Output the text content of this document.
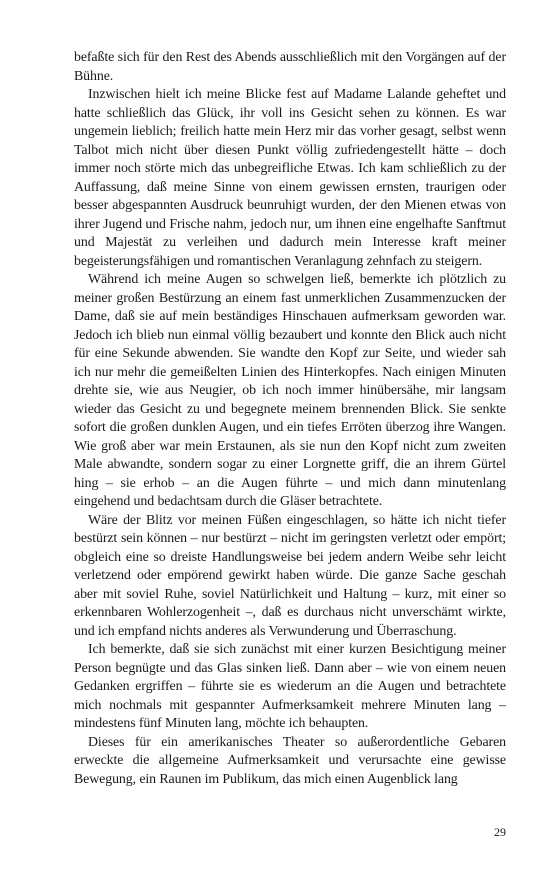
befaßte sich für den Rest des Abends ausschließlich mit den Vorgängen auf der Bühne.

Inzwischen hielt ich meine Blicke fest auf Madame Lalande geheftet und hatte schließlich das Glück, ihr voll ins Gesicht sehen zu können. Es war ungemein lieblich; freilich hatte mein Herz mir das vorher gesagt, selbst wenn Talbot mich nicht über diesen Punkt völlig zufriedengestellt hätte – doch immer noch störte mich das unbegreifliche Etwas. Ich kam schließlich zu der Auffassung, daß meine Sinne von einem gewissen ernsten, traurigen oder besser abgespannten Ausdruck beunruhigt wurden, der den Mienen etwas von ihrer Jugend und Frische nahm, jedoch nur, um ihnen eine engelhafte Sanftmut und Majestät zu verleihen und dadurch mein Interesse kraft meiner begeisterungsfähigen und romantischen Veranlagung zehnfach zu steigern.

Während ich meine Augen so schwelgen ließ, bemerkte ich plötzlich zu meiner großen Bestürzung an einem fast unmerklichen Zusammenzucken der Dame, daß sie auf mein beständiges Hinschauen aufmerksam geworden war. Jedoch ich blieb nun einmal völlig bezaubert und konnte den Blick auch nicht für eine Sekunde abwenden. Sie wandte den Kopf zur Seite, und wieder sah ich nur mehr die gemeißelten Linien des Hinterkopfes. Nach einigen Minuten drehte sie, wie aus Neugier, ob ich noch immer hinübersähe, mir langsam wieder das Gesicht zu und begegnete meinem brennenden Blick. Sie senkte sofort die großen dunklen Augen, und ein tiefes Erröten überzog ihre Wangen. Wie groß aber war mein Erstaunen, als sie nun den Kopf nicht zum zweiten Male abwandte, sondern sogar zu einer Lorgnette griff, die an ihrem Gürtel hing – sie erhob – an die Augen führte – und mich dann minutenlang eingehend und bedachtsam durch die Gläser betrachtete.

Wäre der Blitz vor meinen Füßen eingeschlagen, so hätte ich nicht tiefer bestürzt sein können – nur bestürzt – nicht im geringsten verletzt oder empört; obgleich eine so dreiste Handlungsweise bei jedem andern Weibe sehr leicht verletzend oder empörend gewirkt haben würde. Die ganze Sache geschah aber mit soviel Ruhe, soviel Natürlichkeit und Haltung – kurz, mit einer so erkennbaren Wohlerzogenheit –, daß es durchaus nicht unverschämt wirkte, und ich empfand nichts anderes als Verwunderung und Überraschung.

Ich bemerkte, daß sie sich zunächst mit einer kurzen Besichtigung meiner Person begnügte und das Glas sinken ließ. Dann aber – wie von einem neuen Gedanken ergriffen – führte sie es wiederum an die Augen und betrachtete mich nochmals mit gespannter Aufmerksamkeit mehrere Minuten lang – mindestens fünf Minuten lang, möchte ich behaupten.

Dieses für ein amerikanisches Theater so außerordentliche Gebaren erweckte die allgemeine Aufmerksamkeit und verursachte eine gewisse Bewegung, ein Raunen im Publikum, das mich einen Augenblick lang

29
